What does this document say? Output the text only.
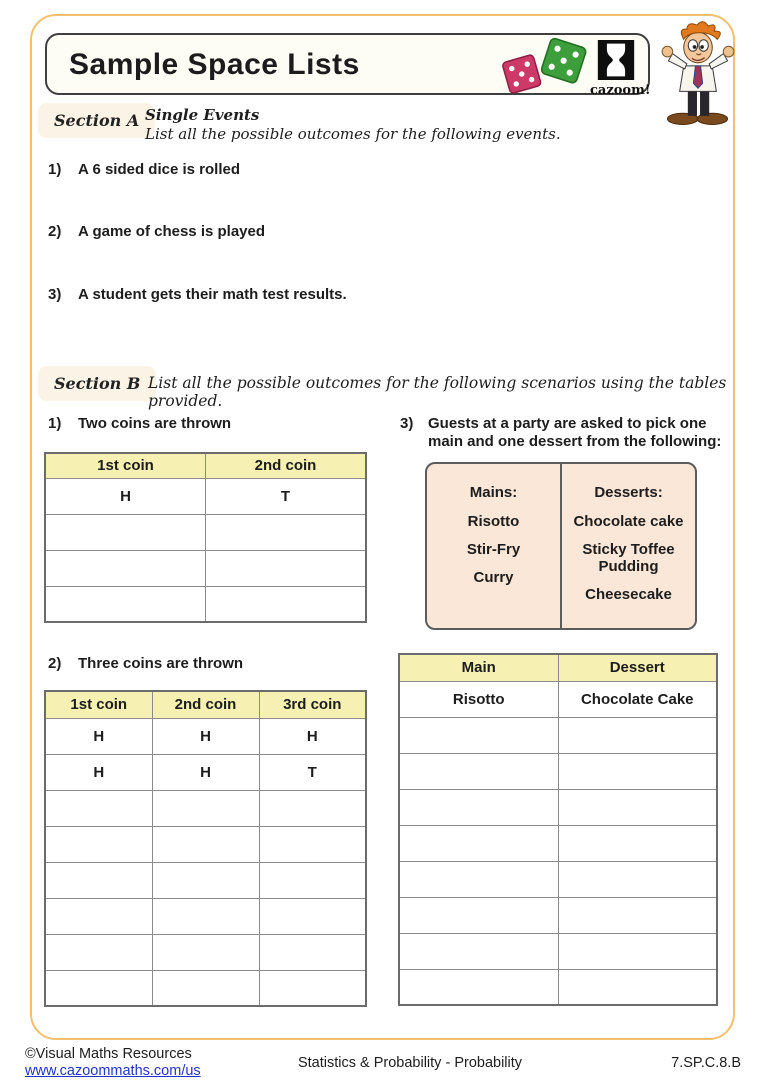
Sample Space Lists
cazoom!
Section A Single Events
List all the possible outcomes for the following events.
1)	A 6 sided dice is rolled
2)	A game of chess is played
3)	A student gets their math test results.
Section B List all the possible outcomes for the following scenarios using the tables provided.
1)	Two coins are thrown
1st coin	2nd coin
H	T

3) Guests at a party are asked to pick one
main and one dessert from the following:
Mains:
Risotto
Stir-Fry
Curry
Desserts:
Chocolate cake
Sticky Toffee Pudding
Cheesecake
2)	Three coins are thrown
1st coin	2nd coin	3rd coin
H	H	H
H	H	T

Main	Dessert
Risotto	Chocolate Cake

©Visual Maths Resources
www.cazoommaths.com/us	Statistics & Probability - Probability	7.SP.C.8.B
